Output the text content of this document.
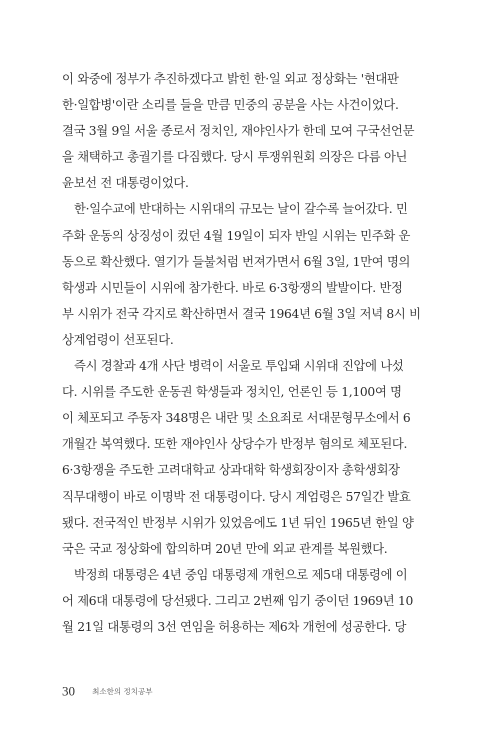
이 와중에 정부가 추진하겠다고 밝힌 한·일 외교 정상화는 '현대판
한·일합병'이란 소리를 들을 만큼 민중의 공분을 사는 사건이었다.
결국 3월 9일 서울 종로서 정치인, 재야인사가 한데 모여 구국선언문
을 채택하고 총궐기를 다짐했다. 당시 투쟁위원회 의장은 다름 아닌
윤보선 전 대통령이었다.
한·일수교에 반대하는 시위대의 규모는 날이 갈수록 늘어갔다. 민
주화 운동의 상징성이 컸던 4월 19일이 되자 반일 시위는 민주화 운
동으로 확산했다. 열기가 들불처럼 번져가면서 6월 3일, 1만여 명의
학생과 시민들이 시위에 참가한다. 바로 6·3항쟁의 발발이다. 반정
부 시위가 전국 각지로 확산하면서 결국 1964년 6월 3일 저녁 8시 비
상계엄령이 선포된다.
즉시 경찰과 4개 사단 병력이 서울로 투입돼 시위대 진압에 나섰
다. 시위를 주도한 운동권 학생들과 정치인, 언론인 등 1,100여 명
이 체포되고 주동자 348명은 내란 및 소요죄로 서대문형무소에서 6
개월간 복역했다. 또한 재야인사 상당수가 반정부 혐의로 체포된다.
6·3항쟁을 주도한 고려대학교 상과대학 학생회장이자 총학생회장
직무대행이 바로 이명박 전 대통령이다. 당시 계엄령은 57일간 발효
됐다. 전국적인 반정부 시위가 있었음에도 1년 뒤인 1965년 한일 양
국은 국교 정상화에 합의하며 20년 만에 외교 관계를 복원했다.
박정희 대통령은 4년 중임 대통령제 개헌으로 제5대 대통령에 이
어 제6대 대통령에 당선됐다. 그리고 2번째 임기 중이던 1969년 10
월 21일 대통령의 3선 연임을 허용하는 제6차 개헌에 성공한다. 당
30 최소한의 정치공부
